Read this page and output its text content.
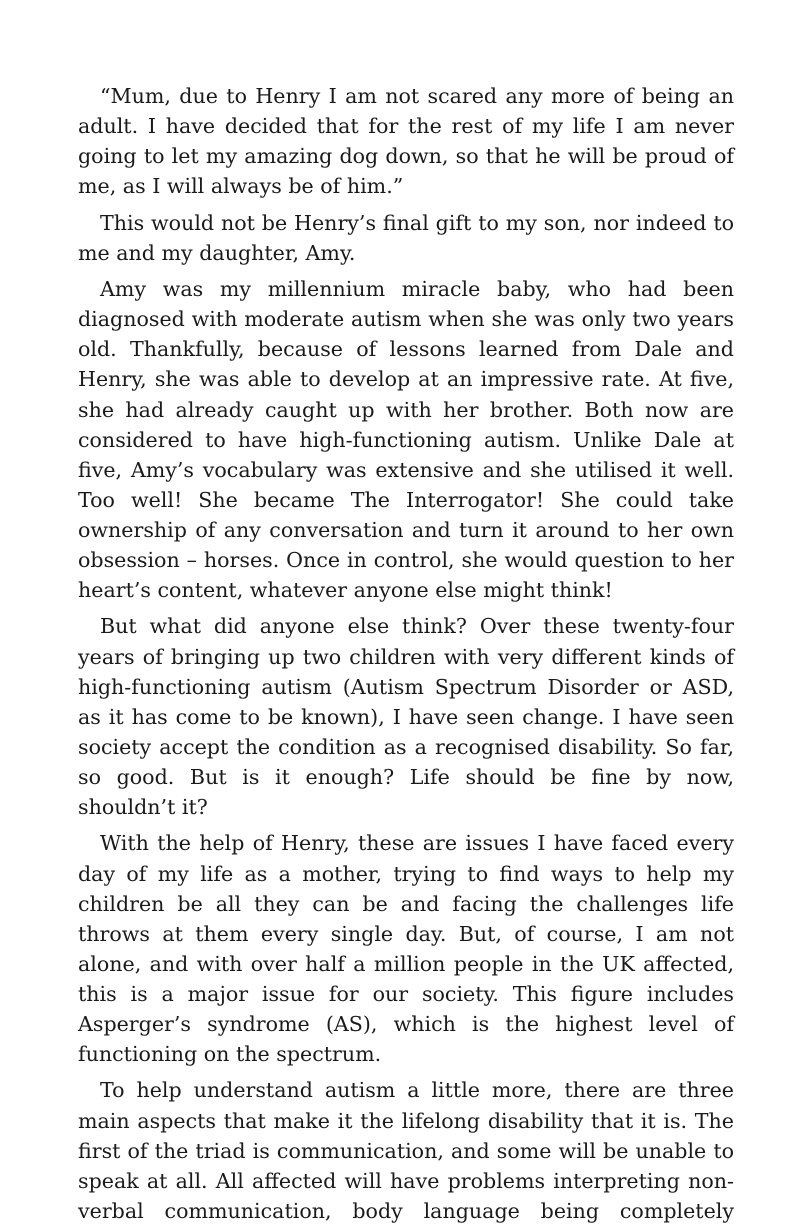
“Mum, due to Henry I am not scared any more of being an adult. I have decided that for the rest of my life I am never going to let my amazing dog down, so that he will be proud of me, as I will always be of him.”

This would not be Henry’s final gift to my son, nor indeed to me and my daughter, Amy.

Amy was my millennium miracle baby, who had been diagnosed with moderate autism when she was only two years old. Thankfully, because of lessons learned from Dale and Henry, she was able to develop at an impressive rate. At five, she had already caught up with her brother. Both now are considered to have high-functioning autism. Unlike Dale at five, Amy’s vocabulary was extensive and she utilised it well. Too well! She became The Interrogator! She could take ownership of any conversation and turn it around to her own obsession – horses. Once in control, she would question to her heart’s content, whatever anyone else might think!

But what did anyone else think? Over these twenty-four years of bringing up two children with very different kinds of high-functioning autism (Autism Spectrum Disorder or ASD, as it has come to be known), I have seen change. I have seen society accept the condition as a recognised disability. So far, so good. But is it enough? Life should be fine by now, shouldn’t it?

With the help of Henry, these are issues I have faced every day of my life as a mother, trying to find ways to help my children be all they can be and facing the challenges life throws at them every single day. But, of course, I am not alone, and with over half a million people in the UK affected, this is a major issue for our society. This figure includes Asperger’s syndrome (AS), which is the highest level of functioning on the spectrum.

To help understand autism a little more, there are three main aspects that make it the lifelong disability that it is. The first of the triad is communication, and some will be unable to speak at all. All affected will have problems interpreting non-verbal communication, body language being completely
